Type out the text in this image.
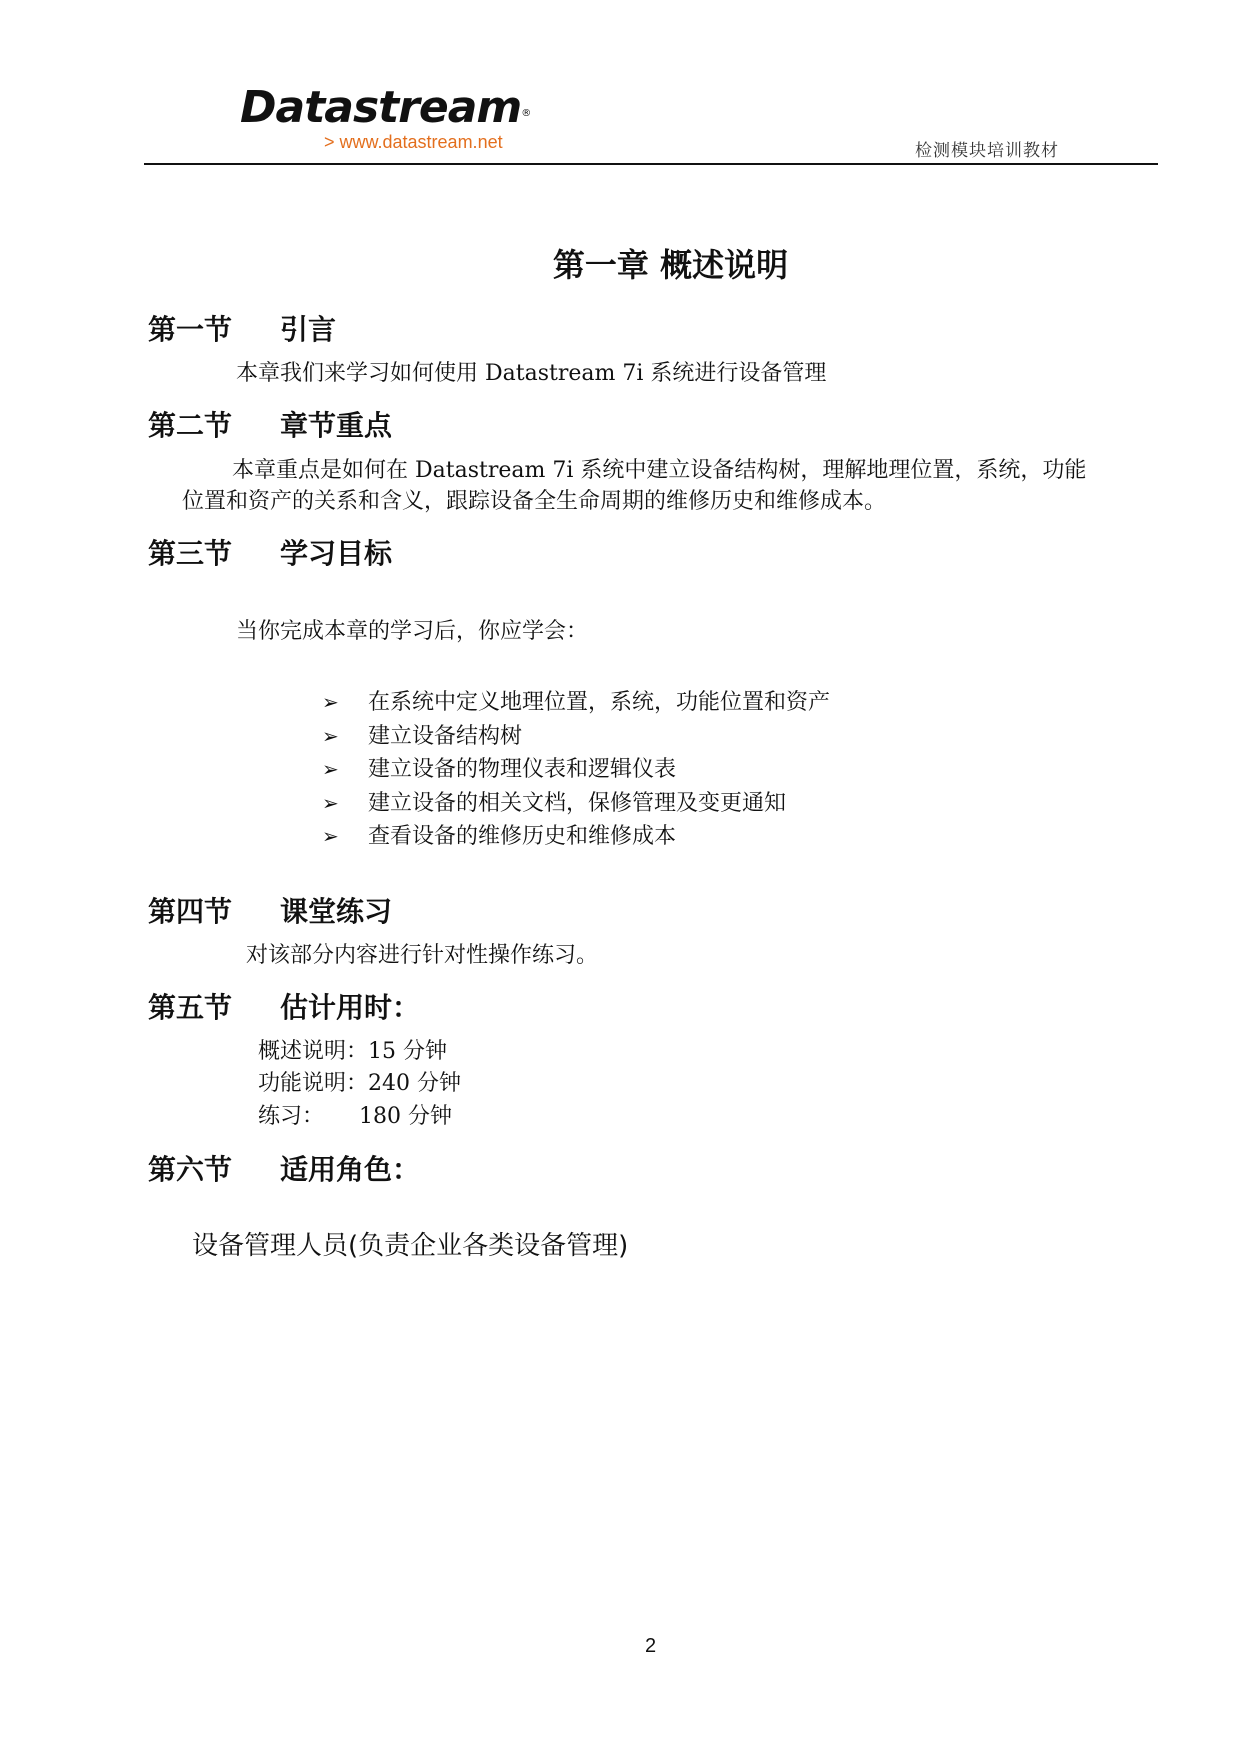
Datastream®
> www.datastream.net	检测模块培训教材
第一章 概述说明
第一节 引言
本章我们来学习如何使用 Datastream 7i 系统进行设备管理
第二节 章节重点
本章重点是如何在 Datastream 7i 系统中建立设备结构树，理解地理位置，系统，功能
位置和资产的关系和含义，跟踪设备全生命周期的维修历史和维修成本。
第三节 学习目标
当你完成本章的学习后，你应学会：
➢ 在系统中定义地理位置，系统，功能位置和资产
➢ 建立设备结构树
➢ 建立设备的物理仪表和逻辑仪表
➢ 建立设备的相关文档，保修管理及变更通知
➢ 查看设备的维修历史和维修成本
第四节 课堂练习
对该部分内容进行针对性操作练习。
第五节 估计用时：
概述说明：15 分钟
功能说明：240 分钟
练习：     180 分钟
第六节 适用角色：
设备管理人员(负责企业各类设备管理)
2
